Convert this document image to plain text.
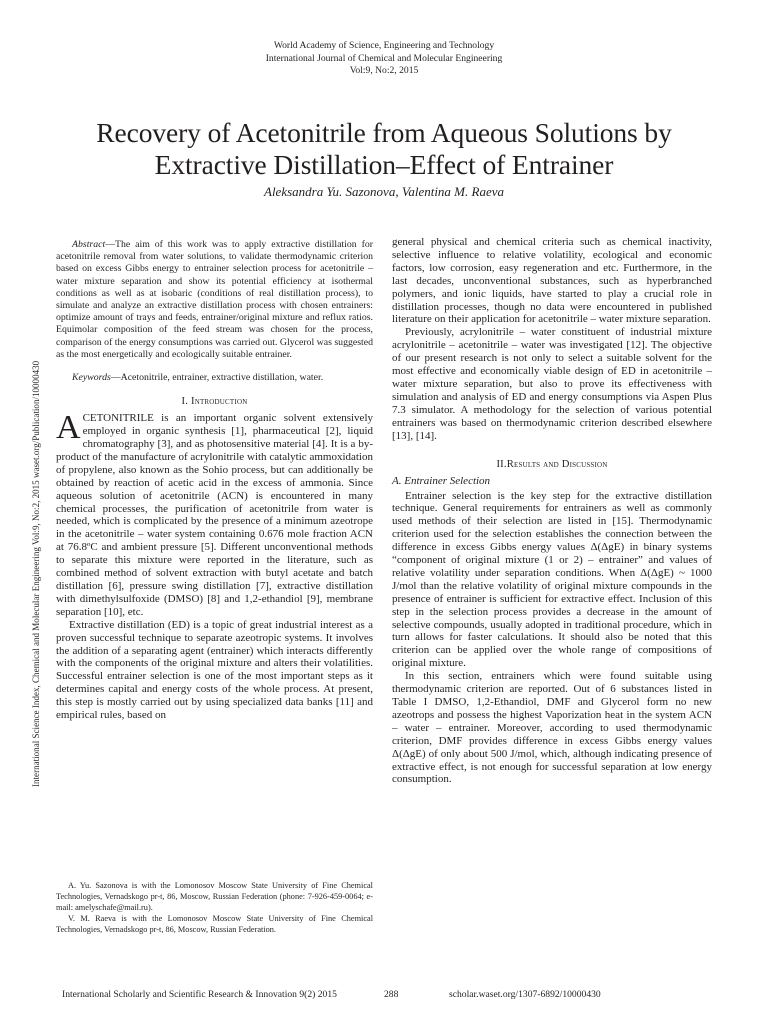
World Academy of Science, Engineering and Technology
International Journal of Chemical and Molecular Engineering
Vol:9, No:2, 2015
Recovery of Acetonitrile from Aqueous Solutions by Extractive Distillation–Effect of Entrainer
Aleksandra Yu. Sazonova, Valentina M. Raeva
International Science Index, Chemical and Molecular Engineering Vol:9, No:2, 2015 waset.org/Publication/10000430

Abstract—The aim of this work was to apply extractive distillation for acetonitrile removal from water solutions, to validate thermodynamic criterion based on excess Gibbs energy to entrainer selection process for acetonitrile – water mixture separation and show its potential efficiency at isothermal conditions as well as at isobaric (conditions of real distillation process), to simulate and analyze an extractive distillation process with chosen entrainers: optimize amount of trays and feeds, entrainer/original mixture and reflux ratios. Equimolar composition of the feed stream was chosen for the process, comparison of the energy consumptions was carried out. Glycerol was suggested as the most energetically and ecologically suitable entrainer.

Keywords—Acetonitrile, entrainer, extractive distillation, water.

I. Introduction

ACETONITRILE is an important organic solvent extensively employed in organic synthesis [1], pharmaceutical [2], liquid chromatography [3], and as photosensitive material [4]. It is a by-product of the manufacture of acrylonitrile with catalytic ammoxidation of propylene, also known as the Sohio process, but can additionally be obtained by reaction of acetic acid in the excess of ammonia. Since aqueous solution of acetonitrile (ACN) is encountered in many chemical processes, the purification of acetonitrile from water is needed, which is complicated by the presence of a minimum azeotrope in the acetonitrile – water system containing 0.676 mole fraction ACN at 76.8ºC and ambient pressure [5]. Different unconventional methods to separate this mixture were reported in the literature, such as combined method of solvent extraction with butyl acetate and batch distillation [6], pressure swing distillation [7], extractive distillation with dimethylsulfoxide (DMSO) [8] and 1,2-ethandiol [9], membrane separation [10], etc.

Extractive distillation (ED) is a topic of great industrial interest as a proven successful technique to separate azeotropic systems. It involves the addition of a separating agent (entrainer) which interacts differently with the components of the original mixture and alters their volatilities. Successful entrainer selection is one of the most important steps as it determines capital and energy costs of the whole process. At present, this step is mostly carried out by using specialized data banks [11] and empirical rules, based on

A. Yu. Sazonova is with the Lomonosov Moscow State University of Fine Chemical Technologies, Vernadskogo pr-t, 86, Moscow, Russian Federation (phone: 7-926-459-0064; e-mail: amelyschafe@mail.ru).

V. M. Raeva is with the Lomonosov Moscow State University of Fine Chemical Technologies, Vernadskogo pr-t, 86, Moscow, Russian Federation.

general physical and chemical criteria such as chemical inactivity, selective influence to relative volatility, ecological and economic factors, low corrosion, easy regeneration and etc. Furthermore, in the last decades, unconventional substances, such as hyperbranched polymers, and ionic liquids, have started to play a crucial role in distillation processes, though no data were encountered in published literature on their application for acetonitrile – water mixture separation.

Previously, acrylonitrile – water constituent of industrial mixture acrylonitrile – acetonitrile – water was investigated [12]. The objective of our present research is not only to select a suitable solvent for the most effective and economically viable design of ED in acetonitrile – water mixture separation, but also to prove its effectiveness with simulation and analysis of ED and energy consumptions via Aspen Plus 7.3 simulator. A methodology for the selection of various potential entrainers was based on thermodynamic criterion described elsewhere [13], [14].

II.Results and Discussion
A. Entrainer Selection

Entrainer selection is the key step for the extractive distillation technique. General requirements for entrainers as well as commonly used methods of their selection are listed in [15]. Thermodynamic criterion used for the selection establishes the connection between the difference in excess Gibbs energy values Δ(ΔgE) in binary systems “component of original mixture (1 or 2) – entrainer” and values of relative volatility under separation conditions. When Δ(ΔgE) ~ 1000 J/mol than the relative volatility of original mixture compounds in the presence of entrainer is sufficient for extractive effect. Inclusion of this step in the selection process provides a decrease in the amount of selective compounds, usually adopted in traditional procedure, which in turn allows for faster calculations. It should also be noted that this criterion can be applied over the whole range of compositions of original mixture.

In this section, entrainers which were found suitable using thermodynamic criterion are reported. Out of 6 substances listed in Table I DMSO, 1,2-Ethandiol, DMF and Glycerol form no new azeotrops and possess the highest Vaporization heat in the system ACN – water – entrainer. Moreover, according to used thermodynamic criterion, DMF provides difference in excess Gibbs energy values Δ(ΔgE) of only about 500 J/mol, which, although indicating presence of extractive effect, is not enough for successful separation at low energy consumption.

International Scholarly and Scientific Research & Innovation 9(2) 2015	288	scholar.waset.org/1307-6892/10000430
